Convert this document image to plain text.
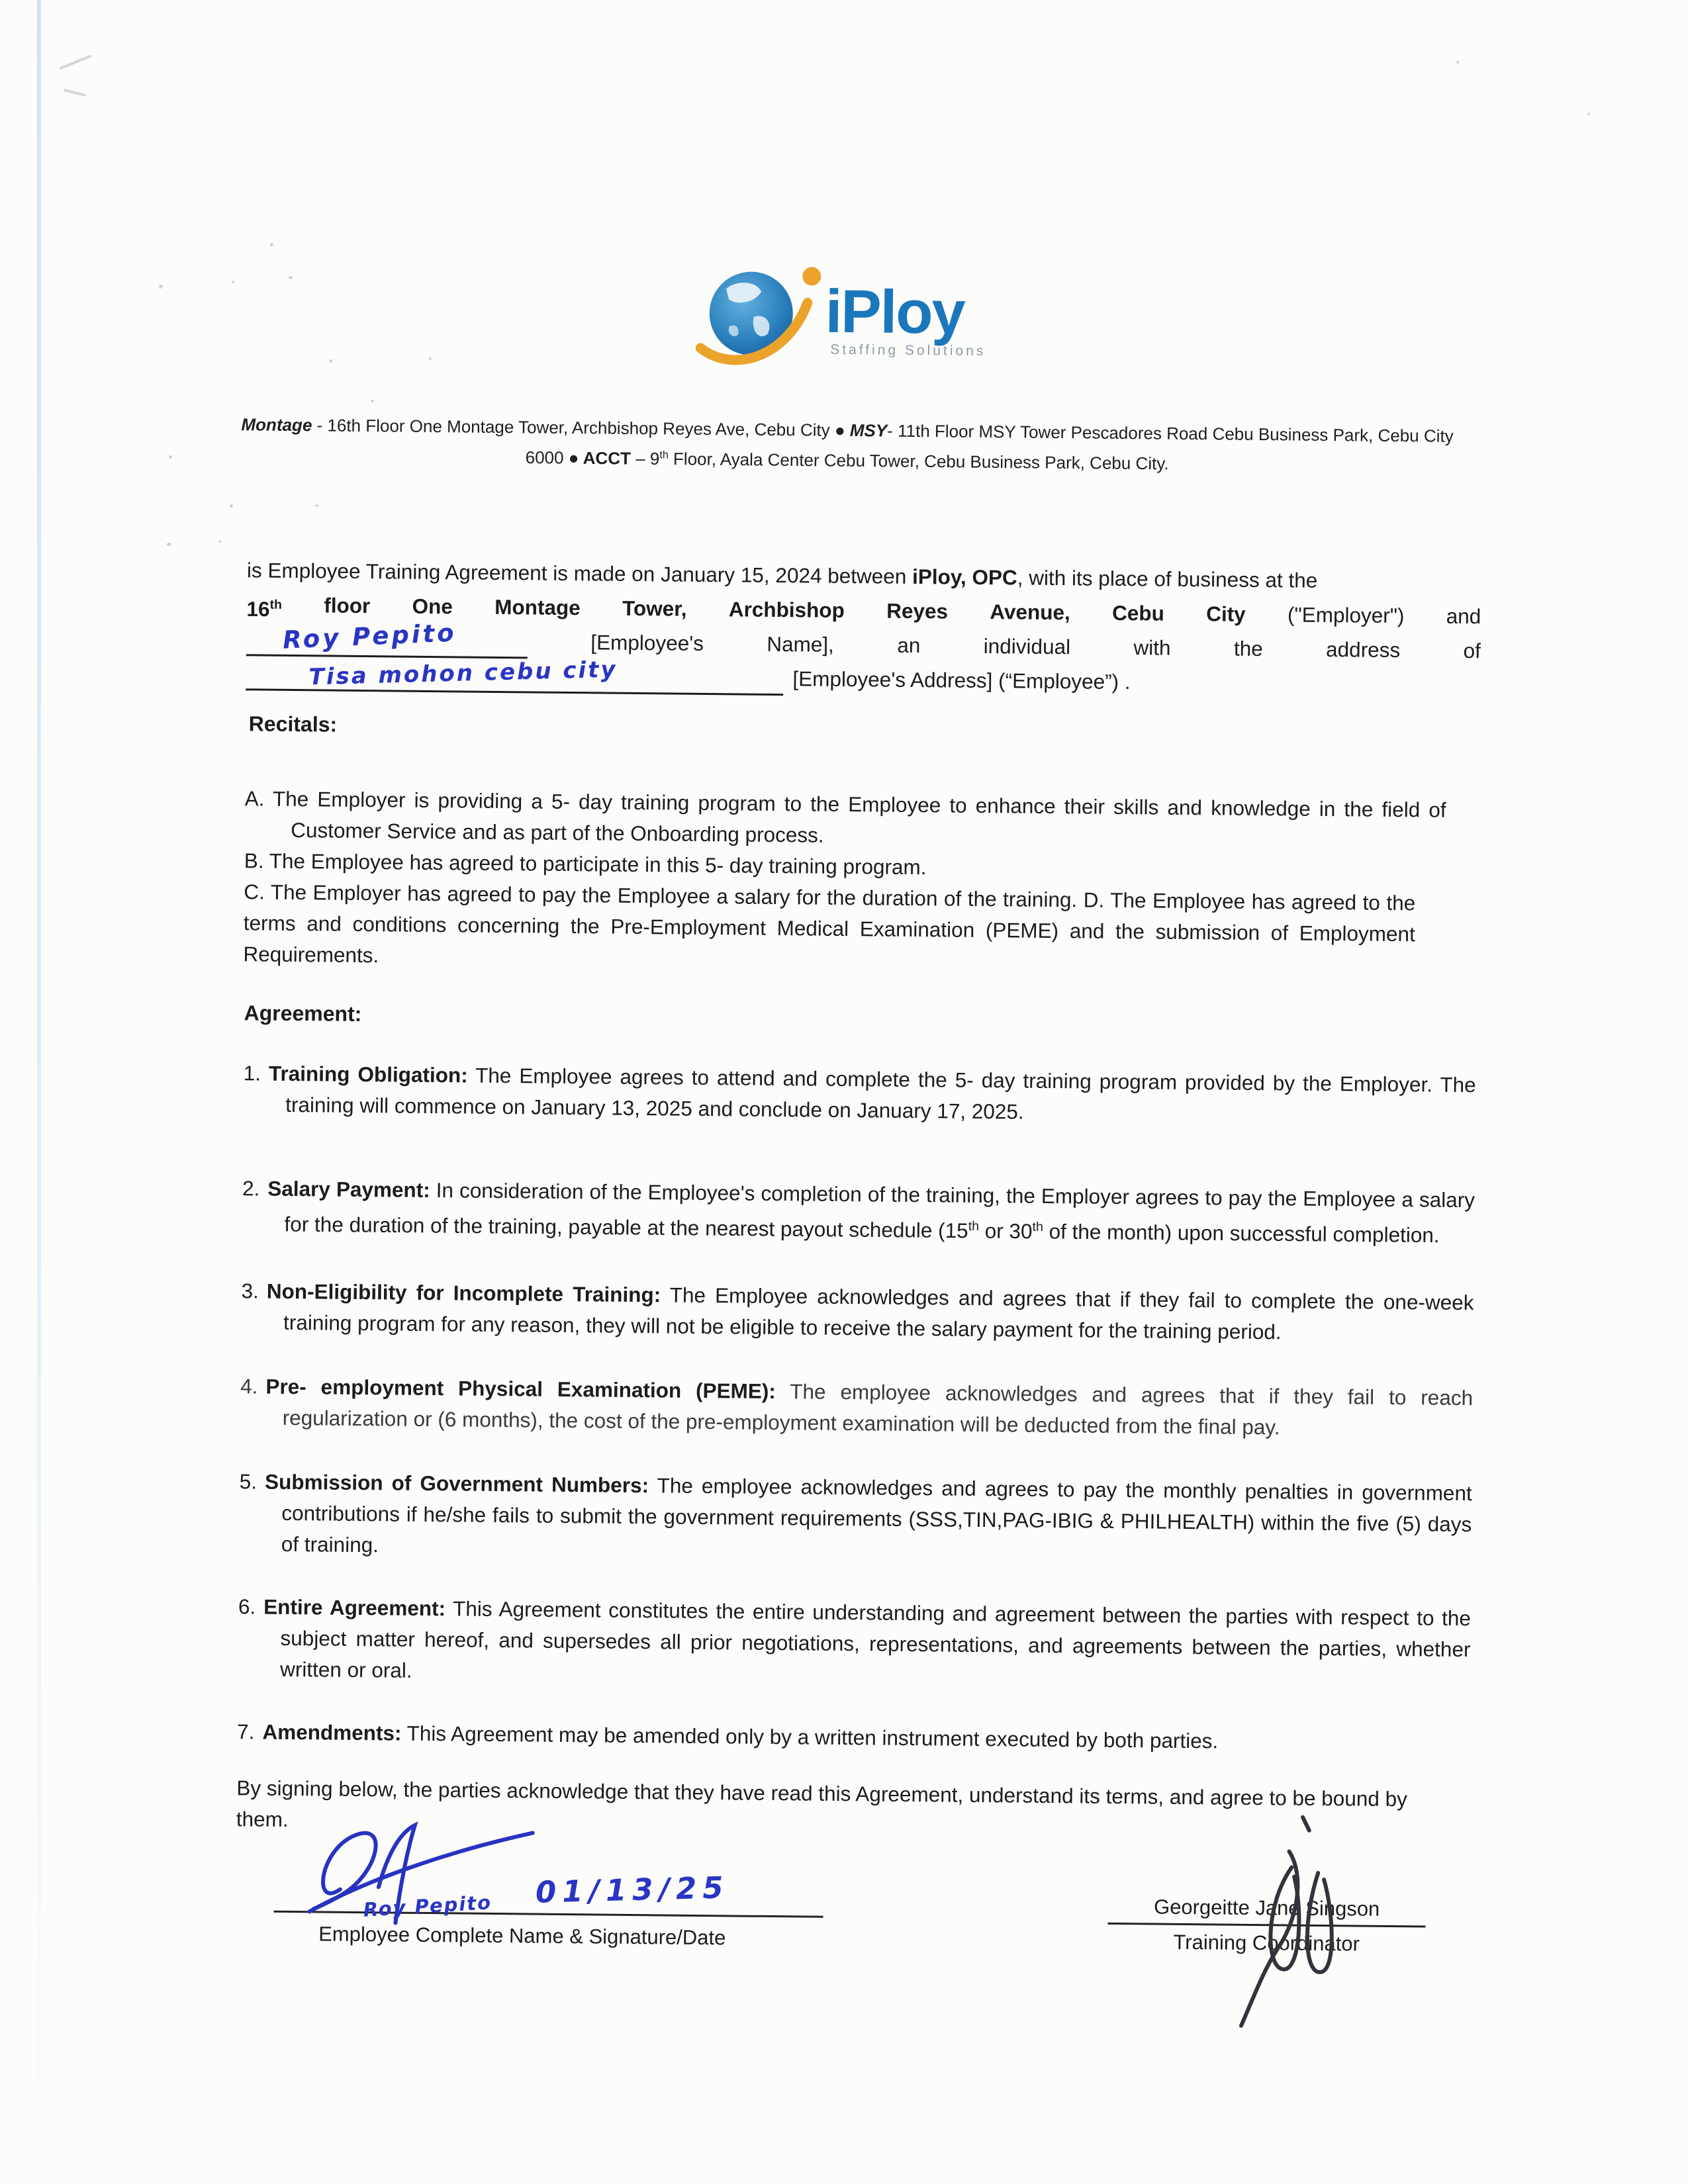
iPloy
Staffing Solutions
Montage - 16th Floor One Montage Tower, Archbishop Reyes Ave, Cebu City ● MSY- 11th Floor MSY Tower Pescadores Road Cebu Business Park, Cebu City 6000 ● ACCT – 9th Floor, Ayala Center Cebu Tower, Cebu Business Park, Cebu City.
is Employee Training Agreement is made on January 15, 2024 between iPloy, OPC, with its place of business at the
16th floor One Montage Tower, Archbishop Reyes Avenue, Cebu City ("Employer") and
Roy Pepito	[Employee's	Name],	an	individual	with	the	address	of
Tisa mohon cebu city	[Employee's Address] (“Employee”) .
Recitals:

A. The Employer is providing a 5- day training program to the Employee to enhance their skills and knowledge in the field of Customer Service and as part of the Onboarding process.

B. The Employee has agreed to participate in this 5- day training program.

C. The Employer has agreed to pay the Employee a salary for the duration of the training. D. The Employee has agreed to the terms and conditions concerning the Pre-Employment Medical Examination (PEME) and the submission of Employment Requirements.

Agreement:

1. Training Obligation: The Employee agrees to attend and complete the 5- day training program provided by the Employer. The training will commence on January 13, 2025 and conclude on January 17, 2025.

2. Salary Payment: In consideration of the Employee's completion of the training, the Employer agrees to pay the Employee a salary for the duration of the training, payable at the nearest payout schedule (15th or 30th of the month) upon successful completion.

3. Non-Eligibility for Incomplete Training: The Employee acknowledges and agrees that if they fail to complete the one-week training program for any reason, they will not be eligible to receive the salary payment for the training period.

4. Pre- employment Physical Examination (PEME): The employee acknowledges and agrees that if they fail to reach regularization or (6 months), the cost of the pre-employment examination will be deducted from the final pay.

5. Submission of Government Numbers: The employee acknowledges and agrees to pay the monthly penalties in government contributions if he/she fails to submit the government requirements (SSS,TIN,PAG-IBIG & PHILHEALTH) within the five (5) days of training.

6. Entire Agreement: This Agreement constitutes the entire understanding and agreement between the parties with respect to the subject matter hereof, and supersedes all prior negotiations, representations, and agreements between the parties, whether written or oral.

7. Amendments: This Agreement may be amended only by a written instrument executed by both parties.

By signing below, the parties acknowledge that they have read this Agreement, understand its terms, and agree to be bound by them.

Roy Pepito 01/13/25
Employee Complete Name & Signature/Date
Georgeitte Jane Singson
Training Coordinator
